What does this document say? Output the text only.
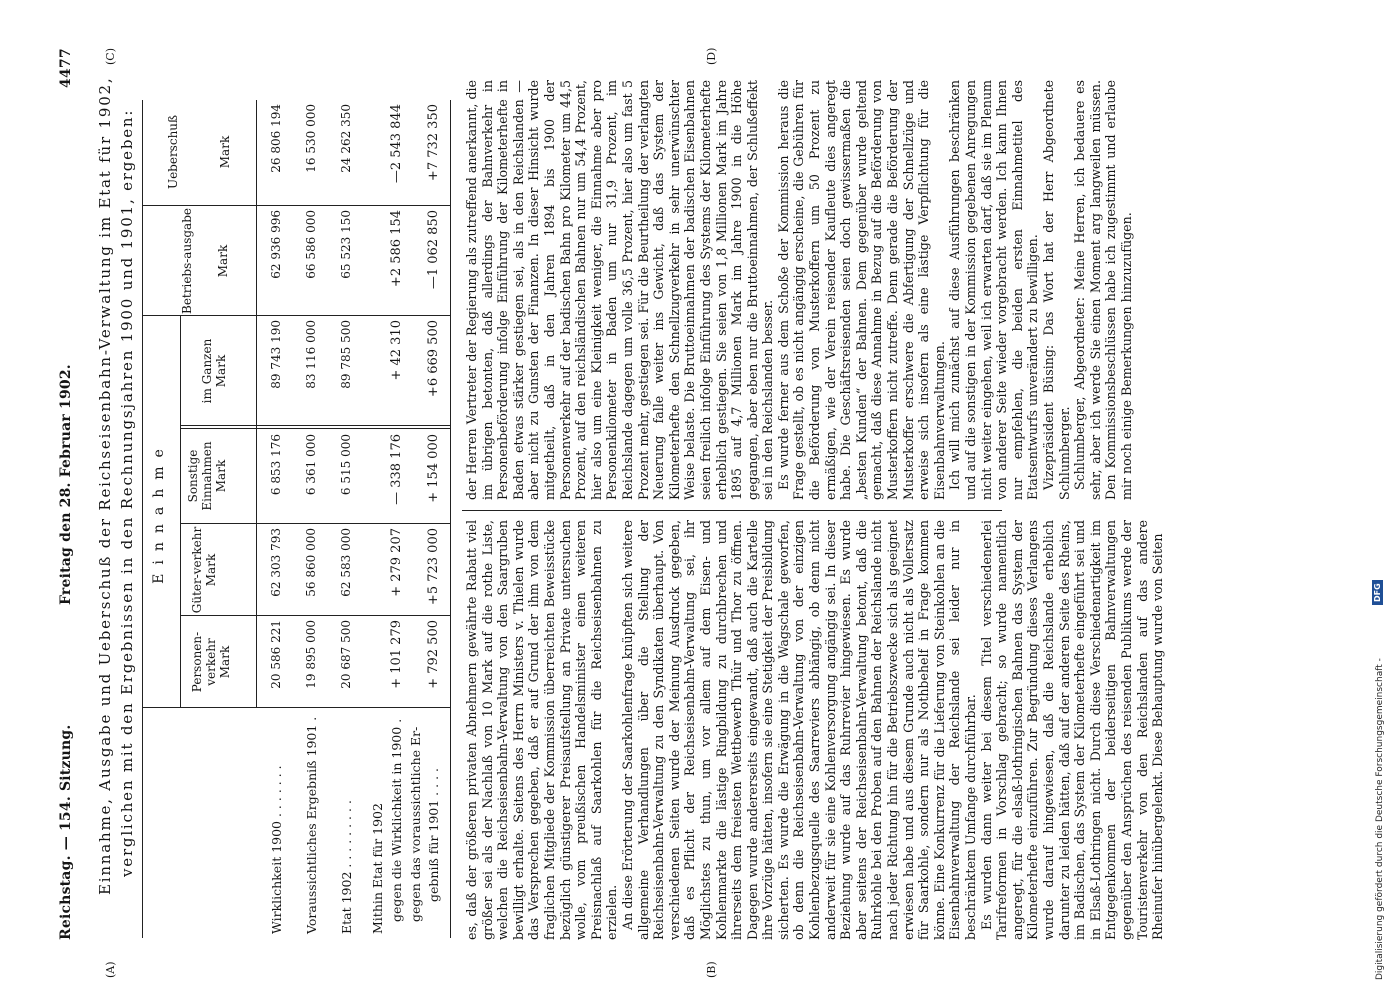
Reichstag. — 154. Sitzung.
Freitag den 28. Februar 1902.
4477
(A)
(C)
(B)
(D)
Einnahme, Ausgabe und Ueberschuß der Reichseisenbahn-Verwaltung im Etat für 1902, verglichen mit den Ergebnissen in den Rechnungsjahren 1900 und 1901, ergeben: Einnahme
Personen-verkehr Mark
Güter-verkehr Mark
Sonstige Einnahmen Mark
im Ganzen Mark
Betriebs-ausgabe Mark
Ueberschuß	Mark
Wirklichkeit 1900 . . . . . . . Voraussichtliches Ergebniß 1901 . Etat 1902 . . . . . . . . . Mithin Etat für 1902 gegen die Wirklichkeit in 1900 . gegen das voraussichtliche Er- gebniß für 1901 . . . .
20 586 221
62 303 793
6 853 176
89 743 190
62 936 996
26 806 194
19 895 000
56 860 000
6 361 000
83 116 000
66 586 000
16 530 000
20 687 500
62 583 000
6 515 000
89 785 500
65 523 150
24 262 350
+ 101 279
+ 279 207
— 338 176
+ 42 310
+2 586 154
—2 543 844
+ 792 500
+5 723 000
+ 154 000
+6 669 500
—1 062 850
+7 732 350

es, daß der größeren privaten Abnehmern gewährte Rabatt viel größer sei als der Nachlaß von 10 Mark auf die rothe Liste, welchen die Reichseisenbahn-Verwaltung von den Saargruben bewilligt erhalte. Seitens des Herrn Ministers v. Thielen wurde das Versprechen gegeben, daß er auf Grund der ihm von dem fraglichen Mitgliede der Kommission überreichten Beweisstücke bezüglich günstigerer Preisaufstellung an Private untersuchen wolle, vom preußischen Handelsminister einen weiteren Preisnachlaß auf Saarkohlen für die Reichseisenbahnen zu erzielen. An diese Erörterung der Saarkohlenfrage knüpften sich weitere allgemeine Verhandlungen über die Stellung der Reichseisenbahn-Verwaltung zu den Syndikaten überhaupt. Von verschiedenen Seiten wurde der Meinung Ausdruck gegeben, daß es Pflicht der Reichseisenbahn-Verwaltung sei, ihr Möglichstes zu thun, um vor allem auf dem Eisen- und Kohlenmarkte die lästige Ringbildung zu durchbrechen und ihrerseits dem freiesten Wettbewerb Thür und Thor zu öffnen. Dagegen wurde andererseits eingewandt, daß auch die Kartelle ihre Vorzüge hätten, insofern sie eine Stetigkeit der Preisbildung sicherten. Es wurde die Erwägung in die Wagschale geworfen, ob denn die Reichseisenbahn-Verwaltung von der einzigen Kohlenbezugsquelle des Saarreviers abhängig, ob denn nicht anderweit für sie eine Kohlenversorgung angängig sei. In dieser Beziehung wurde auf das Ruhrrevier hingewiesen. Es wurde aber seitens der Reichseisenbahn-Verwaltung betont, daß die Ruhrkohle bei den Proben auf den Bahnen der Reichslande nicht nach jeder Richtung hin für die Betriebszwecke sich als geeignet erwiesen habe und aus diesem Grunde auch nicht als Vollersatz für Saarkohle, sondern nur als Nothbehelf in Frage kommen könne. Eine Konkurrenz für die Lieferung von Steinkohlen an die Eisenbahnverwaltung der Reichslande sei leider nur in beschränktem Umfange durchführbar. Es wurden dann weiter bei diesem Titel verschiedenerlei Tarifreformen in Vorschlag gebracht; so wurde namentlich angeregt, für die elsaß-lothringischen Bahnen das System der Kilometerhefte einzuführen. Zur Begründung dieses Verlangens wurde darauf hingewiesen, daß die Reichslande erheblich darunter zu leiden hätten, daß auf der anderen Seite des Rheins, im Badischen, das System der Kilometerhefte eingeführt sei und in Elsaß-Lothringen nicht. Durch diese Verschiedenartigkeit im Entgegenkommen der beiderseitigen Bahnverwaltungen gegenüber den Ansprüchen des reisenden Publikums werde der Touristenverkehr von den Reichslanden auf das andere Rheinufer hinübergelenkt. Diese Behauptung wurde von Seiten

der Herren Vertreter der Regierung als zutreffend anerkannt, die im übrigen betonten, daß allerdings der Bahnverkehr in Personenbeförderung infolge Einführung der Kilometerhefte in Baden etwas stärker gestiegen sei, als in den Reichslanden — aber nicht zu Gunsten der Finanzen. In dieser Hinsicht wurde mitgetheilt, daß in den Jahren 1894 bis 1900 der Personenverkehr auf der badischen Bahn pro Kilometer um 44,5 Prozent, auf den reichsländischen Bahnen nur um 54,4 Prozent, hier also um eine Kleinigkeit weniger, die Einnahme aber pro Personenkilometer in Baden um nur 31,9 Prozent, im Reichslande dagegen um volle 36,5 Prozent, hier also um fast 5 Prozent mehr, gestiegen sei. Für die Beurtheilung der verlangten Neuerung falle weiter ins Gewicht, daß das System der Kilometerhefte den Schnellzugverkehr in sehr unerwünschter Weise belaste. Die Bruttoeinnahmen der badischen Eisenbahnen seien freilich infolge Einführung des Systems der Kilometerhefte erheblich gestiegen. Sie seien von 1,8 Millionen Mark im Jahre 1895 auf 4,7 Millionen Mark im Jahre 1900 in die Höhe gegangen, aber eben nur die Bruttoeinnahmen, der Schlußeffekt sei in den Reichslanden besser. Es wurde ferner aus dem Schoße der Kommission heraus die Frage gestellt, ob es nicht angängig erscheine, die Gebühren für die Beförderung von Musterkoffern um 50 Prozent zu ermäßigen, wie der Verein reisender Kaufleute dies angeregt habe. Die Geschäftsreisenden seien doch gewissermaßen die „besten Kunden“ der Bahnen. Dem gegenüber wurde geltend gemacht, daß diese Annahme in Bezug auf die Beförderung von Musterkoffern nicht zutreffe. Denn gerade die Beförderung der Musterkoffer erschwere die Abfertigung der Schnellzüge und erweise sich insofern als eine lästige Verpflichtung für die Eisenbahnverwaltungen. Ich will mich zunächst auf diese Ausführungen beschränken und auf die sonstigen in der Kommission gegebenen Anregungen nicht weiter eingehen, weil ich erwarten darf, daß sie im Plenum von anderer Seite wieder vorgebracht werden. Ich kann Ihnen nur empfehlen, die beiden ersten Einnahmetitel des Etatsentwurfs unverändert zu bewilligen. Vizepräsident Büsing: Das Wort hat der Herr Abgeordnete Schlumberger. Schlumberger, Abgeordneter: Meine Herren, ich bedauere es sehr, aber ich werde Sie einen Moment arg langweilen müssen. Den Kommissionsbeschlüssen habe ich zugestimmt und erlaube mir noch einige Bemerkungen hinzuzufügen.

Digitalisierung gefördert durch die Deutsche Forschungsgemeinschaft -
DFG
